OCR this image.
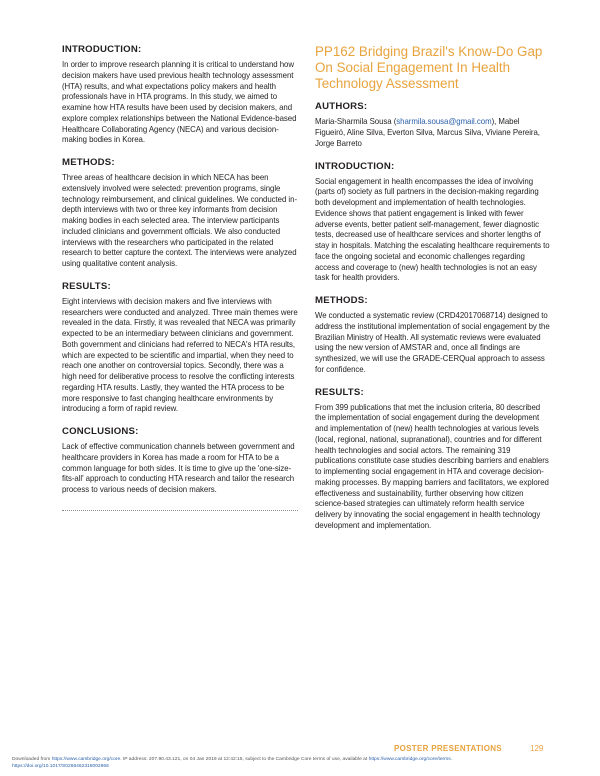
INTRODUCTION:

In order to improve research planning it is critical to understand how decision makers have used previous health technology assessment (HTA) results, and what expectations policy makers and health professionals have in HTA programs. In this study, we aimed to examine how HTA results have been used by decision makers, and explore complex relationships between the National Evidence-based Healthcare Collaborating Agency (NECA) and various decision-making bodies in Korea.

METHODS:

Three areas of healthcare decision in which NECA has been extensively involved were selected: prevention programs, single technology reimbursement, and clinical guidelines. We conducted in-depth interviews with two or three key informants from decision making bodies in each selected area. The interview participants included clinicians and government officials. We also conducted interviews with the researchers who participated in the related research to better capture the context. The interviews were analyzed using qualitative content analysis.

RESULTS:

Eight interviews with decision makers and five interviews with researchers were conducted and analyzed. Three main themes were revealed in the data. Firstly, it was revealed that NECA was primarily expected to be an intermediary between clinicians and government. Both government and clinicians had referred to NECA's HTA results, which are expected to be scientific and impartial, when they need to reach one another on controversial topics. Secondly, there was a high need for deliberative process to resolve the conflicting interests regarding HTA results. Lastly, they wanted the HTA process to be more responsive to fast changing healthcare environments by introducing a form of rapid review.

CONCLUSIONS:

Lack of effective communication channels between government and healthcare providers in Korea has made a room for HTA to be a common language for both sides. It is time to give up the 'one-size-fits-all' approach to conducting HTA research and tailor the research process to various needs of decision makers.

PP162 Bridging Brazil's Know-Do Gap On Social Engagement In Health Technology Assessment
AUTHORS:

Maria-Sharmila Sousa (sharmila.sousa@gmail.com), Mabel Figueiró, Aline Silva, Everton Silva, Marcus Silva, Viviane Pereira, Jorge Barreto

INTRODUCTION:

Social engagement in health encompasses the idea of involving (parts of) society as full partners in the decision-making regarding both development and implementation of health technologies. Evidence shows that patient engagement is linked with fewer adverse events, better patient self-management, fewer diagnostic tests, decreased use of healthcare services and shorter lengths of stay in hospitals. Matching the escalating healthcare requirements to face the ongoing societal and economic challenges regarding access and coverage to (new) health technologies is not an easy task for health providers.

METHODS:

We conducted a systematic review (CRD42017068714) designed to address the institutional implementation of social engagement by the Brazilian Ministry of Health. All systematic reviews were evaluated using the new version of AMSTAR and, once all findings are synthesized, we will use the GRADE-CERQual approach to assess for confidence.

RESULTS:

From 399 publications that met the inclusion criteria, 80 described the implementation of social engagement during the development and implementation of (new) health technologies at various levels (local, regional, national, supranational), countries and for different health technologies and social actors. The remaining 319 publications constitute case studies describing barriers and enablers to implementing social engagement in HTA and coverage decision-making processes. By mapping barriers and facilitators, we explored effectiveness and sustainability, further observing how citizen science-based strategies can ultimately reform health service delivery by innovating the social engagement in health technology development and implementation.

POSTER PRESENTATIONS	129
Downloaded from https://www.cambridge.org/core. IP address: 207.90.43.121, on 04 Jan 2019 at 12:42:15, subject to the Cambridge Core terms of use, available at https://www.cambridge.org/core/terms.
https://doi.org/10.1017/S0266462318002866
